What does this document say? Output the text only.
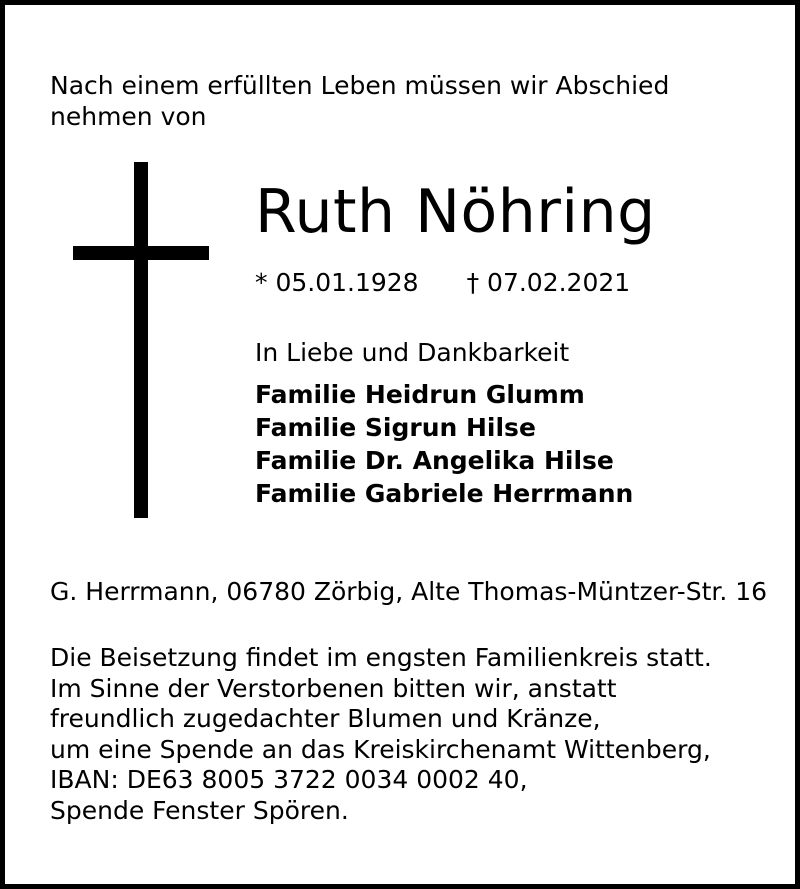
Nach einem erfüllten Leben müssen wir Abschied
nehmen von
Ruth Nöhring
* 05.01.1928 † 07.02.2021
In Liebe und Dankbarkeit
Familie Heidrun Glumm
Familie Sigrun Hilse
Familie Dr. Angelika Hilse
Familie Gabriele Herrmann
G. Herrmann, 06780 Zörbig, Alte Thomas-Müntzer-Str. 16
Die Beisetzung findet im engsten Familienkreis statt.
Im Sinne der Verstorbenen bitten wir, anstatt
freundlich zugedachter Blumen und Kränze,
um eine Spende an das Kreiskirchenamt Wittenberg,
IBAN: DE63 8005 3722 0034 0002 40,
Spende Fenster Spören.
